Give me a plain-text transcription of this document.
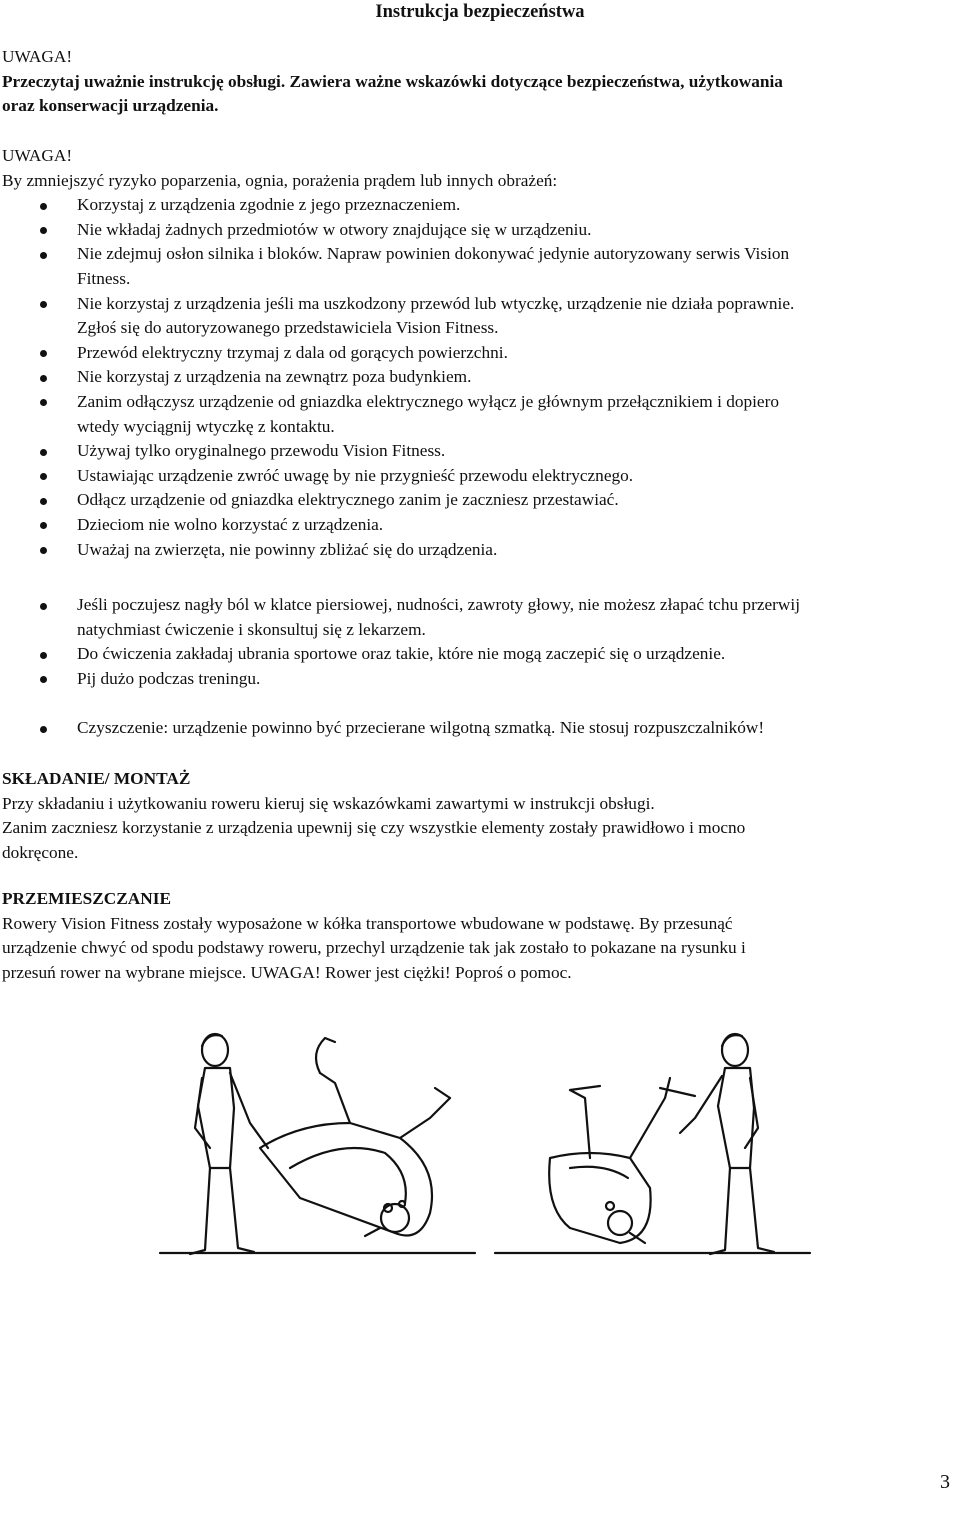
Instrukcja bezpieczeństwa
UWAGA!
Przeczytaj uważnie instrukcję obsługi. Zawiera ważne wskazówki dotyczące bezpieczeństwa, użytkowania
oraz konserwacji urządzenia.
UWAGA!
By zmniejszyć ryzyko poparzenia, ognia, porażenia prądem lub innych obrażeń:
Korzystaj z urządzenia zgodnie z jego przeznaczeniem.
Nie wkładaj żadnych przedmiotów w otwory znajdujące się w urządzeniu.
Nie zdejmuj osłon silnika i bloków. Napraw powinien dokonywać jedynie autoryzowany serwis Vision
Fitness.
Nie korzystaj z urządzenia jeśli ma uszkodzony przewód lub wtyczkę, urządzenie nie działa poprawnie.
Zgłoś się do autoryzowanego przedstawiciela Vision Fitness.
Przewód elektryczny trzymaj z dala od gorących powierzchni.
Nie korzystaj z urządzenia na zewnątrz poza budynkiem.
Zanim odłączysz urządzenie od gniazdka elektrycznego wyłącz je głównym przełącznikiem i dopiero
wtedy wyciągnij wtyczkę z kontaktu.
Używaj tylko oryginalnego przewodu Vision Fitness.
Ustawiając urządzenie zwróć uwagę by nie przygnieść przewodu elektrycznego.
Odłącz urządzenie od gniazdka elektrycznego zanim je zaczniesz przestawiać.
Dzieciom nie wolno korzystać z urządzenia.
Uważaj na zwierzęta, nie powinny zbliżać się do urządzenia.
Jeśli poczujesz nagły ból w klatce piersiowej, nudności, zawroty głowy, nie możesz złapać tchu przerwij
natychmiast ćwiczenie i skonsultuj się z lekarzem.
Do ćwiczenia zakładaj ubrania sportowe oraz takie, które nie mogą zaczepić się o urządzenie.
Pij dużo podczas treningu.
Czyszczenie: urządzenie powinno być przecierane wilgotną szmatką. Nie stosuj rozpuszczalników!
SKŁADANIE/ MONTAŻ
Przy składaniu i użytkowaniu roweru kieruj się wskazówkami zawartymi w instrukcji obsługi.
Zanim zaczniesz korzystanie z urządzenia upewnij się czy wszystkie elementy zostały prawidłowo i mocno
dokręcone.
PRZEMIESZCZANIE
Rowery Vision Fitness zostały wyposażone w kółka transportowe wbudowane w podstawę. By przesunąć
urządzenie chwyć od spodu podstawy roweru, przechyl urządzenie tak jak zostało to pokazane na rysunku i
przesuń rower na wybrane miejsce. UWAGA! Rower jest ciężki! Poproś o pomoc.
3
